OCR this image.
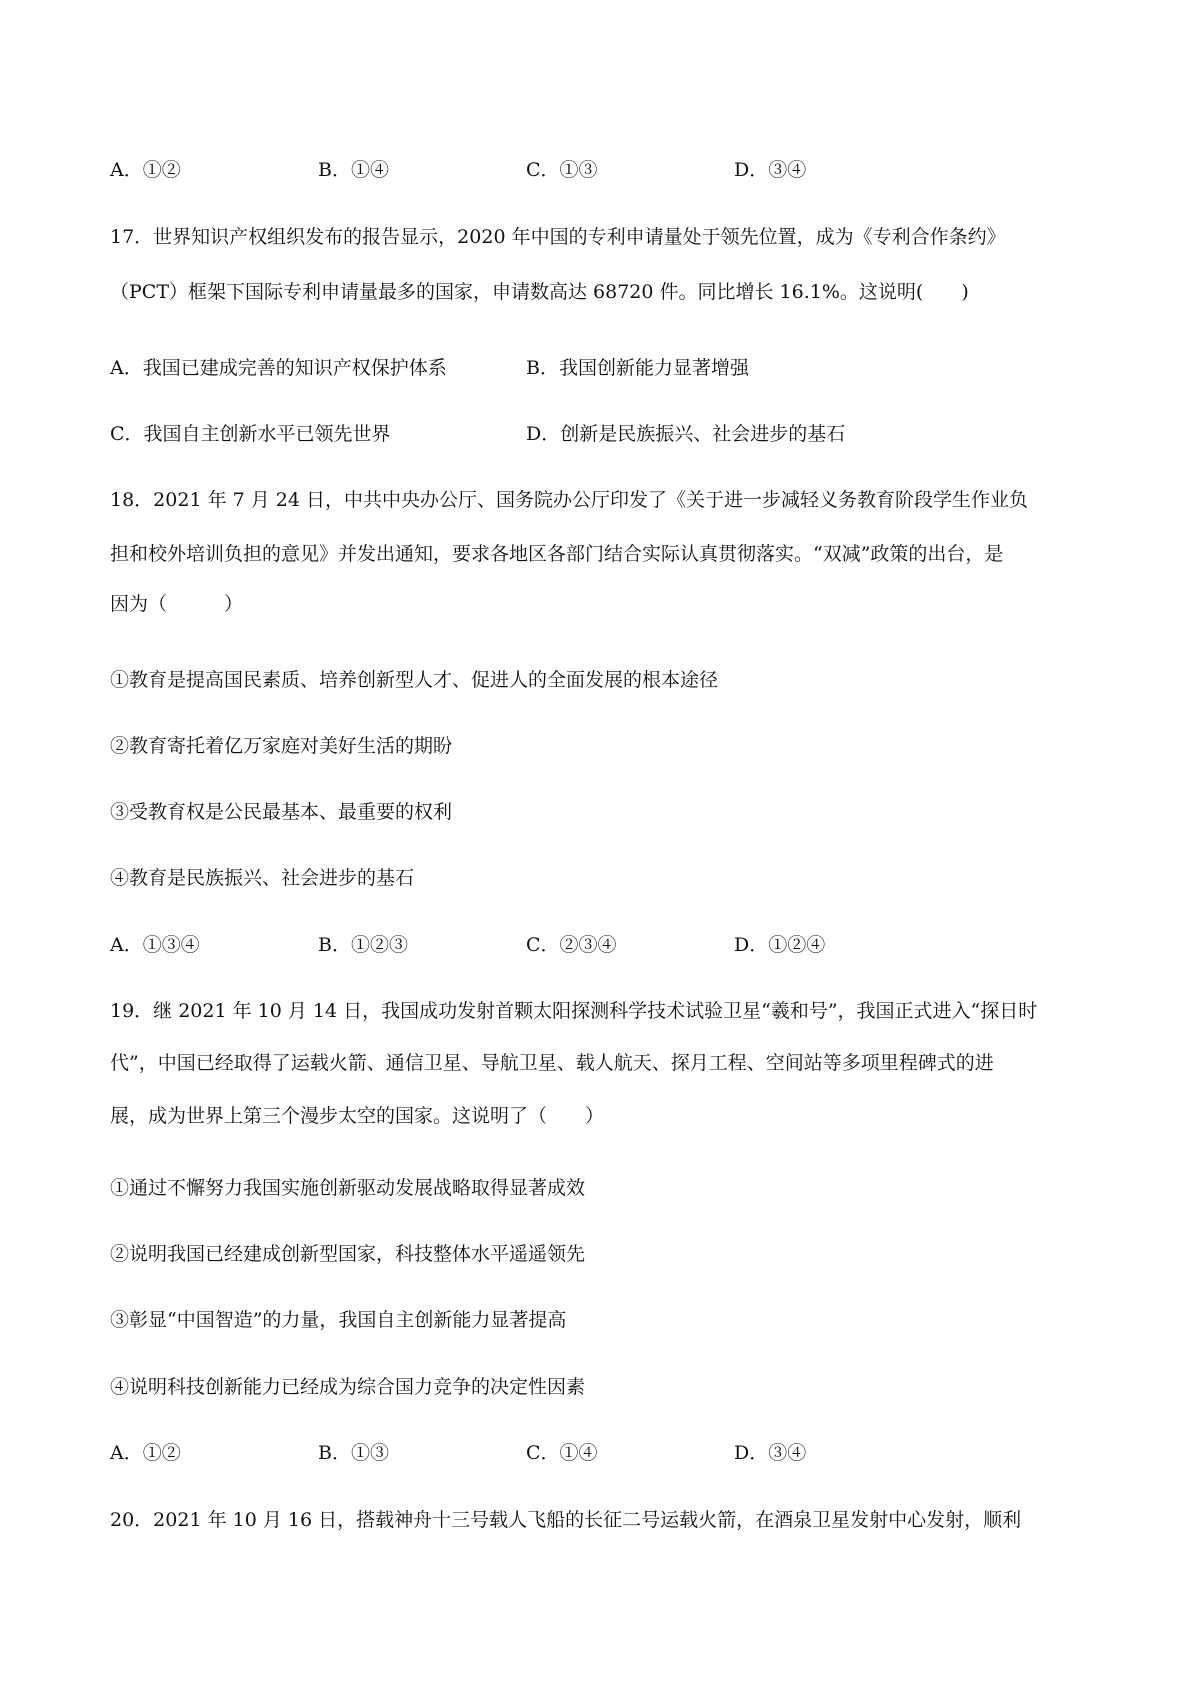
A．①②	B．①④	C．①③	D．③④
17．世界知识产权组织发布的报告显示，2020 年中国的专利申请量处于领先位置，成为《专利合作条约》
（PCT）框架下国际专利申请量最多的国家，申请数高达 68720 件。同比增长 16.1%。这说明(　　)
A．我国已建成完善的知识产权保护体系	B．我国创新能力显著增强
C．我国自主创新水平已领先世界	D．创新是民族振兴、社会进步的基石
18．2021 年 7 月 24 日，中共中央办公厅、国务院办公厅印发了《关于进一步减轻义务教育阶段学生作业负
担和校外培训负担的意见》并发出通知，要求各地区各部门结合实际认真贯彻落实。“双减”政策的出台，是
因为（　　　）
①教育是提高国民素质、培养创新型人才、促进人的全面发展的根本途径
②教育寄托着亿万家庭对美好生活的期盼
③受教育权是公民最基本、最重要的权利
④教育是民族振兴、社会进步的基石
A．①③④	B．①②③	C．②③④	D．①②④
19．继 2021 年 10 月 14 日，我国成功发射首颗太阳探测科学技术试验卫星“羲和号”，我国正式进入“探日时
代”，中国已经取得了运载火箭、通信卫星、导航卫星、载人航天、探月工程、空间站等多项里程碑式的进
展，成为世界上第三个漫步太空的国家。这说明了（　　）
①通过不懈努力我国实施创新驱动发展战略取得显著成效
②说明我国已经建成创新型国家，科技整体水平遥遥领先
③彰显“中国智造”的力量，我国自主创新能力显著提高
④说明科技创新能力已经成为综合国力竞争的决定性因素
A．①②	B．①③	C．①④	D．③④
20．2021 年 10 月 16 日，搭载神舟十三号载人飞船的长征二号运载火箭，在酒泉卫星发射中心发射，顺利
